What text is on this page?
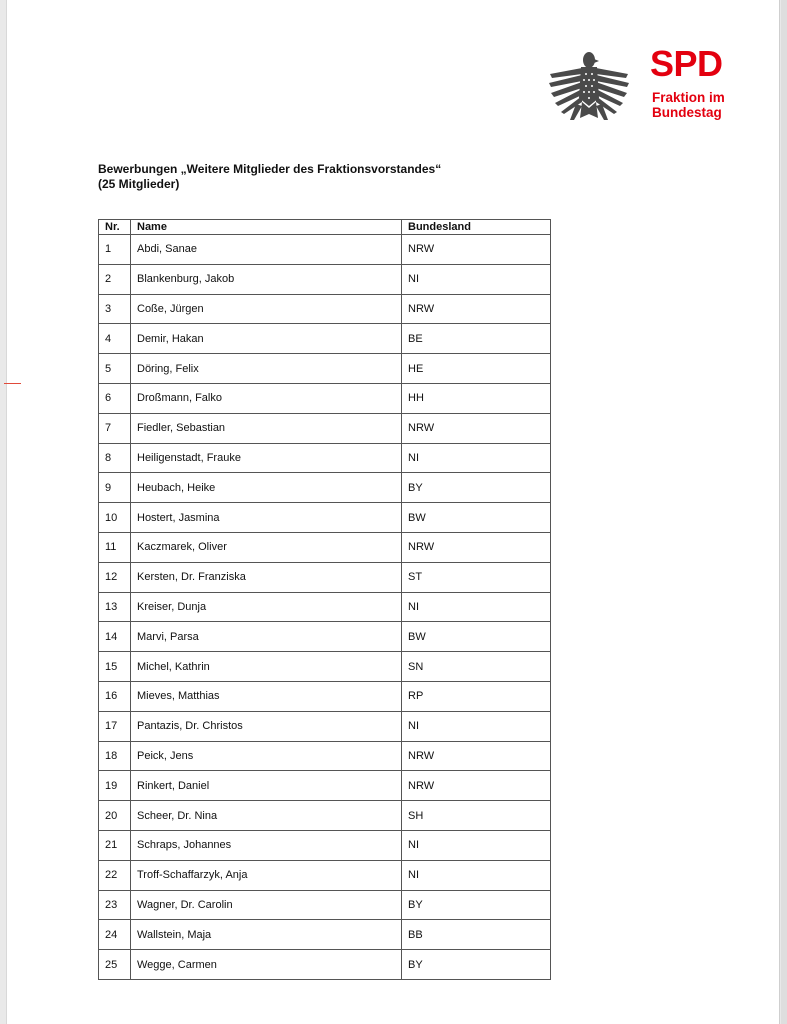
SPD
Fraktion im
Bundestag
Bewerbungen „Weitere Mitglieder des Fraktionsvorstandes“
(25 Mitglieder)
Nr.	Name	Bundesland
1	Abdi, Sanae	NRW
2	Blankenburg, Jakob	NI
3	Coße, Jürgen	NRW
4	Demir, Hakan	BE
5	Döring, Felix	HE
6	Droßmann, Falko	HH
7	Fiedler, Sebastian	NRW
8	Heiligenstadt, Frauke	NI
9	Heubach, Heike	BY
10	Hostert, Jasmina	BW
11	Kaczmarek, Oliver	NRW
12	Kersten, Dr. Franziska	ST
13	Kreiser, Dunja	NI
14	Marvi, Parsa	BW
15	Michel, Kathrin	SN
16	Mieves, Matthias	RP
17	Pantazis, Dr. Christos	NI
18	Peick, Jens	NRW
19	Rinkert, Daniel	NRW
20	Scheer, Dr. Nina	SH
21	Schraps, Johannes	NI
22	Troff-Schaffarzyk, Anja	NI
23	Wagner, Dr. Carolin	BY
24	Wallstein, Maja	BB
25	Wegge, Carmen	BY
